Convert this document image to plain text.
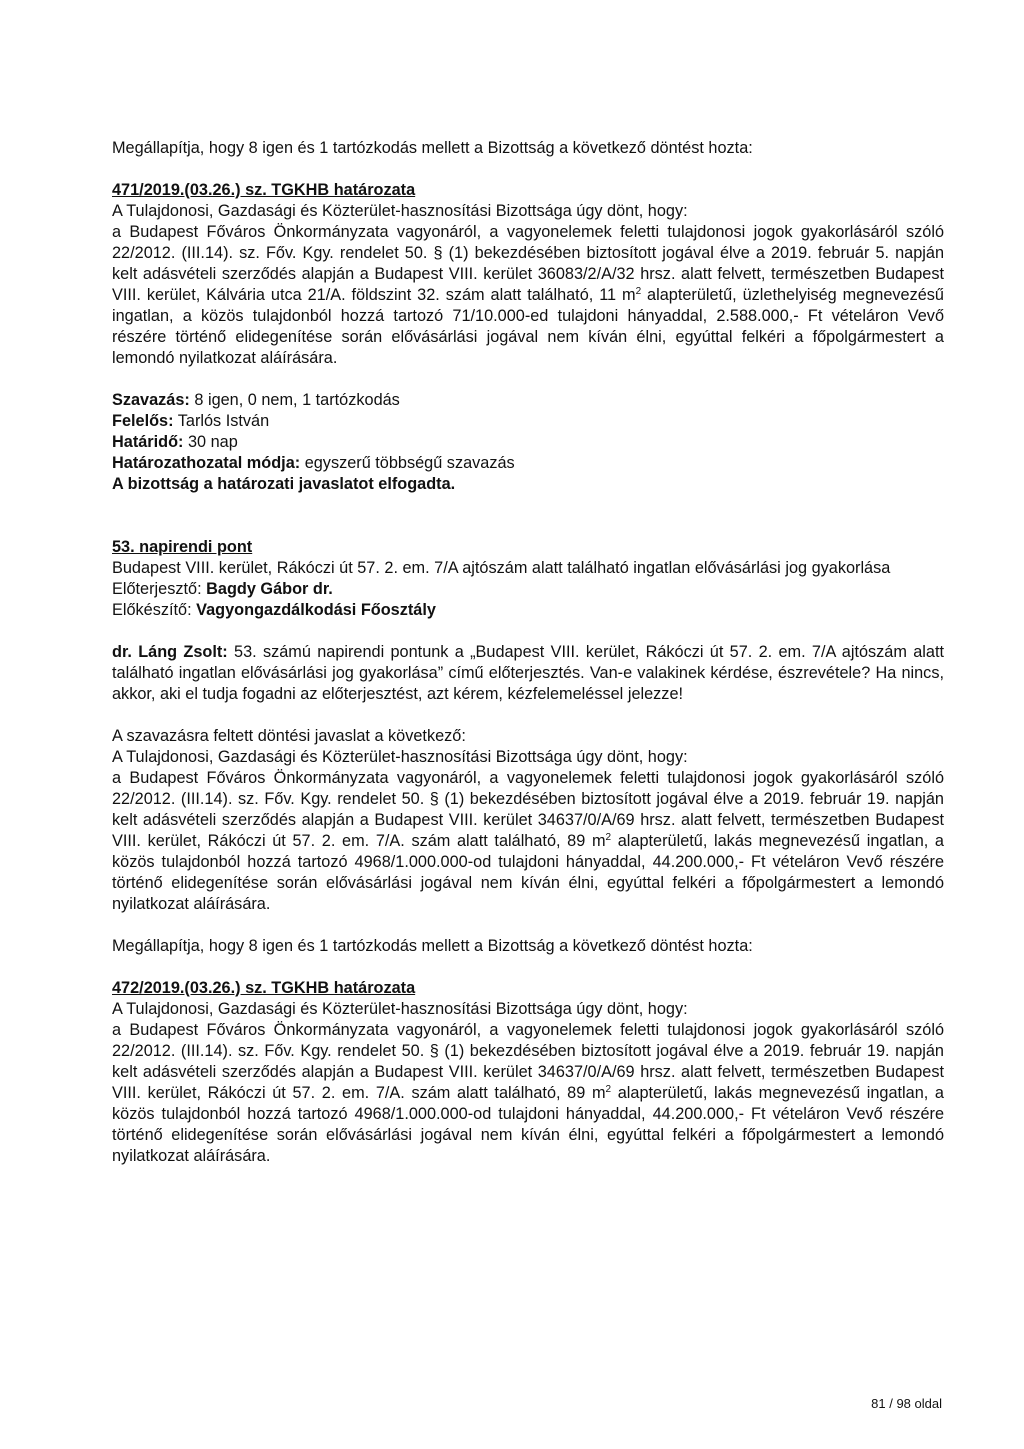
Megállapítja, hogy 8 igen és 1 tartózkodás mellett a Bizottság a következő döntést hozta:

471/2019.(03.26.) sz. TGKHB határozata

A Tulajdonosi, Gazdasági és Közterület-hasznosítási Bizottsága úgy dönt, hogy:

a Budapest Főváros Önkormányzata vagyonáról, a vagyonelemek feletti tulajdonosi jogok gyakorlásáról szóló 22/2012. (III.14). sz. Főv. Kgy. rendelet 50. § (1) bekezdésében biztosított jogával élve a 2019. február 5. napján kelt adásvételi szerződés alapján a Budapest VIII. kerület 36083/2/A/32 hrsz. alatt felvett, természetben Budapest VIII. kerület, Kálvária utca 21/A. földszint 32. szám alatt található, 11 $m^2$ alapterületű, üzlethelyiség megnevezésű ingatlan, a közös tulajdonból hozzá tartozó 71/10.000-ed tulajdoni hányaddal, 2.588.000,- Ft vételáron Vevő részére történő elidegenítése során elővásárlási jogával nem kíván élni, egyúttal felkéri a főpolgármestert a lemondó nyilatkozat aláírására.

Szavazás: 8 igen, 0 nem, 1 tartózkodás

Felelős: Tarlós István

Határidő: 30 nap

Határozathozatal módja: egyszerű többségű szavazás

A bizottság a határozati javaslatot elfogadta.

53. napirendi pont

Budapest VIII. kerület, Rákóczi út 57. 2. em. 7/A ajtószám alatt található ingatlan elővásárlási jog gyakorlása

Előterjesztő: Bagdy Gábor dr.

Előkészítő: Vagyongazdálkodási Főosztály

dr. Láng Zsolt: 53. számú napirendi pontunk a „Budapest VIII. kerület, Rákóczi út 57. 2. em. 7/A ajtószám alatt található ingatlan elővásárlási jog gyakorlása” című előterjesztés. Van-e valakinek kérdése, észrevétele? Ha nincs, akkor, aki el tudja fogadni az előterjesztést, azt kérem, kézfelemeléssel jelezze!

A szavazásra feltett döntési javaslat a következő:

A Tulajdonosi, Gazdasági és Közterület-hasznosítási Bizottsága úgy dönt, hogy:

a Budapest Főváros Önkormányzata vagyonáról, a vagyonelemek feletti tulajdonosi jogok gyakorlásáról szóló 22/2012. (III.14). sz. Főv. Kgy. rendelet 50. § (1) bekezdésében biztosított jogával élve a 2019. február 19. napján kelt adásvételi szerződés alapján a Budapest VIII. kerület 34637/0/A/69 hrsz. alatt felvett, természetben Budapest VIII. kerület, Rákóczi út 57. 2. em. 7/A. szám alatt található, 89 $m^2$ alapterületű, lakás megnevezésű ingatlan, a közös tulajdonból hozzá tartozó 4968/1.000.000-od tulajdoni hányaddal, 44.200.000,- Ft vételáron Vevő részére történő elidegenítése során elővásárlási jogával nem kíván élni, egyúttal felkéri a főpolgármestert a lemondó nyilatkozat aláírására.

Megállapítja, hogy 8 igen és 1 tartózkodás mellett a Bizottság a következő döntést hozta:

472/2019.(03.26.) sz. TGKHB határozata

A Tulajdonosi, Gazdasági és Közterület-hasznosítási Bizottsága úgy dönt, hogy:

a Budapest Főváros Önkormányzata vagyonáról, a vagyonelemek feletti tulajdonosi jogok gyakorlásáról szóló 22/2012. (III.14). sz. Főv. Kgy. rendelet 50. § (1) bekezdésében biztosított jogával élve a 2019. február 19. napján kelt adásvételi szerződés alapján a Budapest VIII. kerület 34637/0/A/69 hrsz. alatt felvett, természetben Budapest VIII. kerület, Rákóczi út 57. 2. em. 7/A. szám alatt található, 89 $m^2$ alapterületű, lakás megnevezésű ingatlan, a közös tulajdonból hozzá tartozó 4968/1.000.000-od tulajdoni hányaddal, 44.200.000,- Ft vételáron Vevő részére történő elidegenítése során elővásárlási jogával nem kíván élni, egyúttal felkéri a főpolgármestert a lemondó nyilatkozat aláírására.

81 / 98 oldal
